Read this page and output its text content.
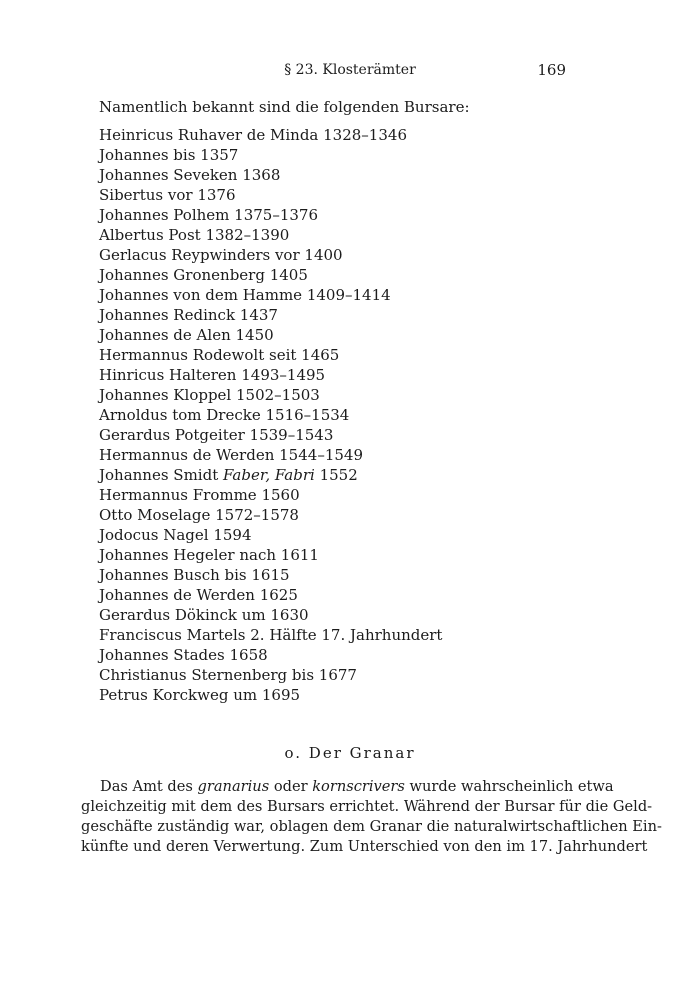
§ 23. Klosterämter	169

Namentlich bekannt sind die folgenden Bursare:

Heinricus Ruhaver de Minda 1328–1346
Johannes bis 1357
Johannes Seveken 1368
Sibertus vor 1376
Johannes Polhem 1375–1376
Albertus Post 1382–1390
Gerlacus Reypwinders vor 1400
Johannes Gronenberg 1405
Johannes von dem Hamme 1409–1414
Johannes Redinck 1437
Johannes de Alen 1450
Hermannus Rodewolt seit 1465
Hinricus Halteren 1493–1495
Johannes Kloppel 1502–1503
Arnoldus tom Drecke 1516–1534
Gerardus Potgeiter 1539–1543
Hermannus de Werden 1544–1549
Johannes Smidt Faber, Fabri 1552
Hermannus Fromme 1560
Otto Moselage 1572–1578
Jodocus Nagel 1594
Johannes Hegeler nach 1611
Johannes Busch bis 1615
Johannes de Werden 1625
Gerardus Dökinck um 1630
Franciscus Martels 2. Hälfte 17. Jahrhundert
Johannes Stades 1658
Christianus Sternenberg bis 1677
Petrus Korckweg um 1695
o. Der Granar
Das Amt des granarius oder kornscrivers wurde wahrscheinlich etwa
gleichzeitig mit dem des Bursars errichtet. Während der Bursar für die Geld-
geschäfte zuständig war, oblagen dem Granar die naturalwirtschaftlichen Ein-
künfte und deren Verwertung. Zum Unterschied von den im 17. Jahrhundert
